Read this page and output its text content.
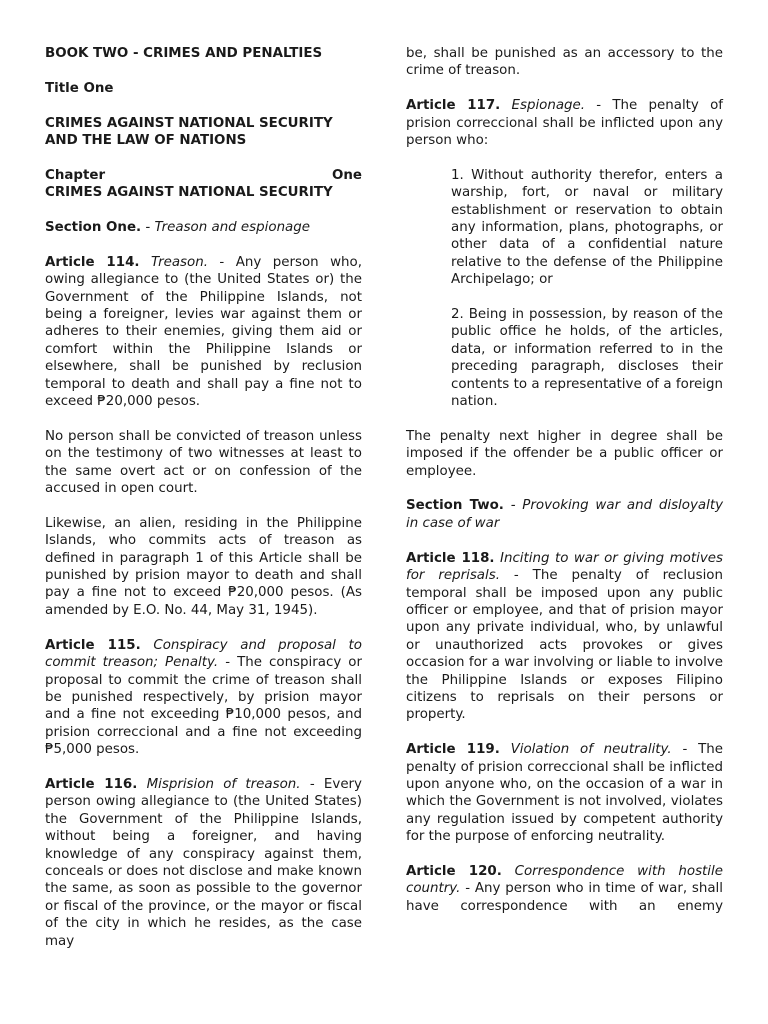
BOOK TWO - CRIMES AND PENALTIES

Title One

CRIMES AGAINST NATIONAL SECURITY AND THE LAW OF NATIONS

Chapter	One
CRIMES AGAINST NATIONAL SECURITY

Section One. - Treason and espionage

Article 114. Treason. - Any person who, owing allegiance to (the United States or) the Government of the Philippine Islands, not being a foreigner, levies war against them or adheres to their enemies, giving them aid or comfort within the Philippine Islands or elsewhere, shall be punished by reclusion temporal to death and shall pay a fine not to exceed ₱20,000 pesos.

No person shall be convicted of treason unless on the testimony of two witnesses at least to the same overt act or on confession of the accused in open court.

Likewise, an alien, residing in the Philippine Islands, who commits acts of treason as defined in paragraph 1 of this Article shall be punished by prision mayor to death and shall pay a fine not to exceed ₱20,000 pesos. (As amended by E.O. No. 44, May 31, 1945).

Article 115. Conspiracy and proposal to commit treason; Penalty. - The conspiracy or proposal to commit the crime of treason shall be punished respectively, by prision mayor and a fine not exceeding ₱10,000 pesos, and prision correccional and a fine not exceeding ₱5,000 pesos.

Article 116. Misprision of treason. - Every person owing allegiance to (the United States) the Government of the Philippine Islands, without being a foreigner, and having knowledge of any conspiracy against them, conceals or does not disclose and make known the same, as soon as possible to the governor or fiscal of the province, or the mayor or fiscal of the city in which he resides, as the case may

be, shall be punished as an accessory to the crime of treason.

Article 117. Espionage. - The penalty of prision correccional shall be inflicted upon any person who:

1. Without authority therefor, enters a warship, fort, or naval or military establishment or reservation to obtain any information, plans, photographs, or other data of a confidential nature relative to the defense of the Philippine Archipelago; or

2. Being in possession, by reason of the public office he holds, of the articles, data, or information referred to in the preceding paragraph, discloses their contents to a representative of a foreign nation.

The penalty next higher in degree shall be imposed if the offender be a public officer or employee.

Section Two. - Provoking war and disloyalty in case of war

Article 118. Inciting to war or giving motives for reprisals. - The penalty of reclusion temporal shall be imposed upon any public officer or employee, and that of prision mayor upon any private individual, who, by unlawful or unauthorized acts provokes or gives occasion for a war involving or liable to involve the Philippine Islands or exposes Filipino citizens to reprisals on their persons or property.

Article 119. Violation of neutrality. - The penalty of prision correccional shall be inflicted upon anyone who, on the occasion of a war in which the Government is not involved, violates any regulation issued by competent authority for the purpose of enforcing neutrality.

Article 120. Correspondence with hostile country. - Any person who in time of war, shall have correspondence with an enemy
